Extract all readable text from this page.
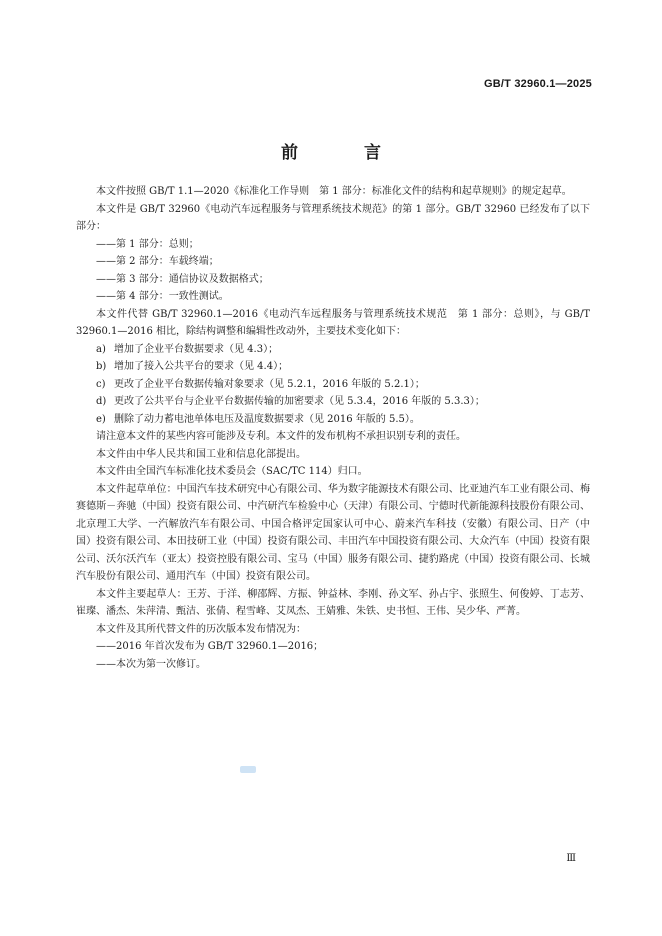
GB/T 32960.1—2025
前 言

本文件按照 GB/T 1.1—2020《标准化工作导则　第 1 部分：标准化文件的结构和起草规则》的规定起草。

本文件是 GB/T 32960《电动汽车远程服务与管理系统技术规范》的第 1 部分。GB/T 32960 已经发布了以下部分：

——第 1 部分：总则；

——第 2 部分：车载终端；

——第 3 部分：通信协议及数据格式；

——第 4 部分：一致性测试。

本文件代替 GB/T 32960.1—2016《电动汽车远程服务与管理系统技术规范　第 1 部分：总则》，与 GB/T 32960.1—2016 相比，除结构调整和编辑性改动外，主要技术变化如下：

a) 增加了企业平台数据要求（见 4.3）；

b) 增加了接入公共平台的要求（见 4.4）；

c) 更改了企业平台数据传输对象要求（见 5.2.1，2016 年版的 5.2.1）；

d) 更改了公共平台与企业平台数据传输的加密要求（见 5.3.4，2016 年版的 5.3.3）；

e) 删除了动力蓄电池单体电压及温度数据要求（见 2016 年版的 5.5）。

请注意本文件的某些内容可能涉及专利。本文件的发布机构不承担识别专利的责任。

本文件由中华人民共和国工业和信息化部提出。

本文件由全国汽车标准化技术委员会（SAC/TC 114）归口。

本文件起草单位：中国汽车技术研究中心有限公司、华为数字能源技术有限公司、比亚迪汽车工业有限公司、梅赛德斯－奔驰（中国）投资有限公司、中汽研汽车检验中心（天津）有限公司、宁德时代新能源科技股份有限公司、北京理工大学、一汽解放汽车有限公司、中国合格评定国家认可中心、蔚来汽车科技（安徽）有限公司、日产（中国）投资有限公司、本田技研工业（中国）投资有限公司、丰田汽车中国投资有限公司、大众汽车（中国）投资有限公司、沃尔沃汽车（亚太）投资控股有限公司、宝马（中国）服务有限公司、捷豹路虎（中国）投资有限公司、长城汽车股份有限公司、通用汽车（中国）投资有限公司。

本文件主要起草人：王芳、于洋、柳邵辉、方振、钟益林、李刚、孙文军、孙占宇、张照生、何俊婷、丁志芳、崔璨、潘杰、朱萍清、甄洁、张倩、程雪峰、艾凤杰、王婧雅、朱铁、史书恒、王伟、吴少华、严菁。

本文件及其所代替文件的历次版本发布情况为：

——2016 年首次发布为 GB/T 32960.1—2016；

——本次为第一次修订。

Ⅲ
